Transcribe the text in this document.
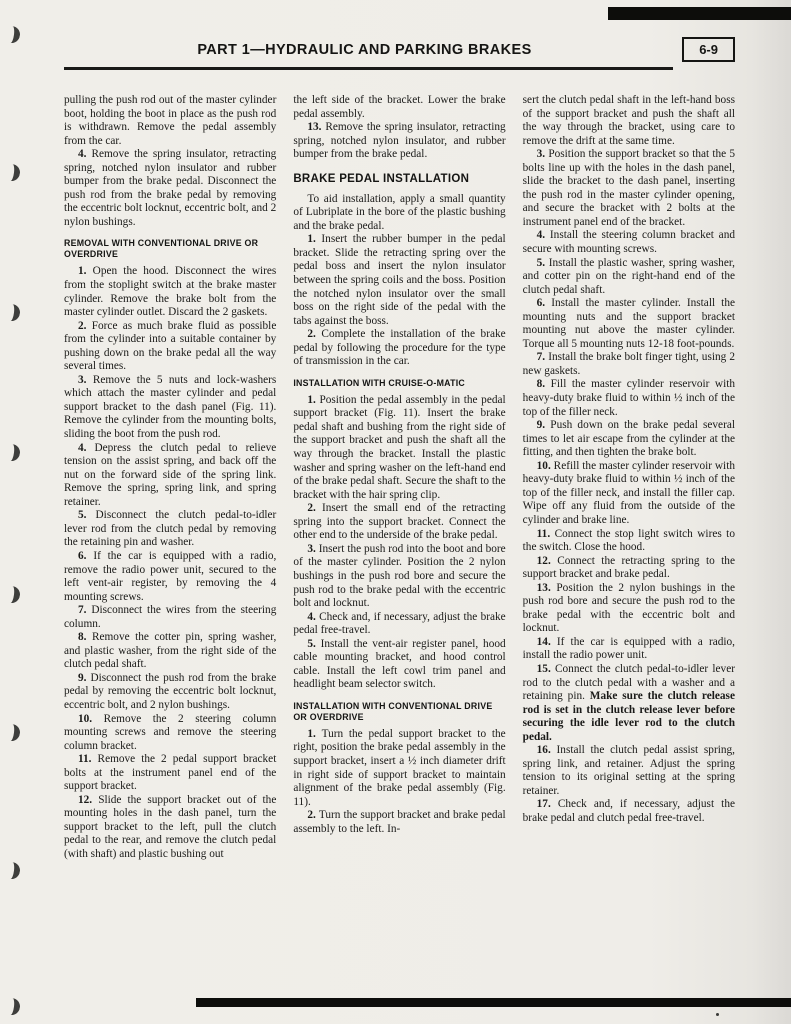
PART 1—HYDRAULIC AND PARKING BRAKES	6-9

pulling the push rod out of the master cylinder boot, holding the boot in place as the push rod is withdrawn. Remove the pedal assembly from the car.

4. Remove the spring insulator, retracting spring, notched nylon insulator and rubber bumper from the brake pedal. Disconnect the push rod from the brake pedal by removing the eccentric bolt locknut, eccentric bolt, and 2 nylon bushings.

REMOVAL WITH CONVENTIONAL DRIVE OR OVERDRIVE

1. Open the hood. Disconnect the wires from the stoplight switch at the brake master cylinder. Remove the brake bolt from the master cylinder outlet. Discard the 2 gaskets.

2. Force as much brake fluid as possible from the cylinder into a suitable container by pushing down on the brake pedal all the way several times.

3. Remove the 5 nuts and lock-washers which attach the master cylinder and pedal support bracket to the dash panel (Fig. 11). Remove the cylinder from the mounting bolts, sliding the boot from the push rod.

4. Depress the clutch pedal to relieve tension on the assist spring, and back off the nut on the forward side of the spring link. Remove the spring, spring link, and spring retainer.

5. Disconnect the clutch pedal-to-idler lever rod from the clutch pedal by removing the retaining pin and washer.

6. If the car is equipped with a radio, remove the radio power unit, secured to the left vent-air register, by removing the 4 mounting screws.

7. Disconnect the wires from the steering column.

8. Remove the cotter pin, spring washer, and plastic washer, from the right side of the clutch pedal shaft.

9. Disconnect the push rod from the brake pedal by removing the eccentric bolt locknut, eccentric bolt, and 2 nylon bushings.

10. Remove the 2 steering column mounting screws and remove the steering column bracket.

11. Remove the 2 pedal support bracket bolts at the instrument panel end of the support bracket.

12. Slide the support bracket out of the mounting holes in the dash panel, turn the support bracket to the left, pull the clutch pedal to the rear, and remove the clutch pedal (with shaft) and plastic bushing out

the left side of the bracket. Lower the brake pedal assembly.

13. Remove the spring insulator, retracting spring, notched nylon insulator, and rubber bumper from the brake pedal.

BRAKE PEDAL INSTALLATION

To aid installation, apply a small quantity of Lubriplate in the bore of the plastic bushing and the brake pedal.

1. Insert the rubber bumper in the pedal bracket. Slide the retracting spring over the pedal boss and insert the nylon insulator between the spring coils and the boss. Position the notched nylon insulator over the small boss on the right side of the pedal with the tabs against the boss.

2. Complete the installation of the brake pedal by following the procedure for the type of transmission in the car.

INSTALLATION WITH CRUISE-O-MATIC

1. Position the pedal assembly in the pedal support bracket (Fig. 11). Insert the brake pedal shaft and bushing from the right side of the support bracket and push the shaft all the way through the bracket. Install the plastic washer and spring washer on the left-hand end of the brake pedal shaft. Secure the shaft to the bracket with the hair spring clip.

2. Insert the small end of the retracting spring into the support bracket. Connect the other end to the underside of the brake pedal.

3. Insert the push rod into the boot and bore of the master cylinder. Position the 2 nylon bushings in the push rod bore and secure the push rod to the brake pedal with the eccentric bolt and locknut.

4. Check and, if necessary, adjust the brake pedal free-travel.

5. Install the vent-air register panel, hood cable mounting bracket, and hood control cable. Install the left cowl trim panel and headlight beam selector switch.

INSTALLATION WITH CONVENTIONAL DRIVE OR OVERDRIVE

1. Turn the pedal support bracket to the right, position the brake pedal assembly in the support bracket, insert a ½ inch diameter drift in right side of support bracket to maintain alignment of the brake pedal assembly (Fig. 11).

2. Turn the support bracket and brake pedal assembly to the left. In-

sert the clutch pedal shaft in the left-hand boss of the support bracket and push the shaft all the way through the bracket, using care to remove the drift at the same time.

3. Position the support bracket so that the 5 bolts line up with the holes in the dash panel, slide the bracket to the dash panel, inserting the push rod in the master cylinder opening, and secure the bracket with 2 bolts at the instrument panel end of the bracket.

4. Install the steering column bracket and secure with mounting screws.

5. Install the plastic washer, spring washer, and cotter pin on the right-hand end of the clutch pedal shaft.

6. Install the master cylinder. Install the mounting nuts and the support bracket mounting nut above the master cylinder. Torque all 5 mounting nuts 12-18 foot-pounds.

7. Install the brake bolt finger tight, using 2 new gaskets.

8. Fill the master cylinder reservoir with heavy-duty brake fluid to within ½ inch of the top of the filler neck.

9. Push down on the brake pedal several times to let air escape from the cylinder at the fitting, and then tighten the brake bolt.

10. Refill the master cylinder reservoir with heavy-duty brake fluid to within ½ inch of the top of the filler neck, and install the filler cap. Wipe off any fluid from the outside of the cylinder and brake line.

11. Connect the stop light switch wires to the switch. Close the hood.

12. Connect the retracting spring to the support bracket and brake pedal.

13. Position the 2 nylon bushings in the push rod bore and secure the push rod to the brake pedal with the eccentric bolt and locknut.

14. If the car is equipped with a radio, install the radio power unit.

15. Connect the clutch pedal-to-idler lever rod to the clutch pedal with a washer and a retaining pin. Make sure the clutch release rod is set in the clutch release lever before securing the idle lever rod to the clutch pedal.

16. Install the clutch pedal assist spring, spring link, and retainer. Adjust the spring tension to its original setting at the spring retainer.

17. Check and, if necessary, adjust the brake pedal and clutch pedal free-travel.
